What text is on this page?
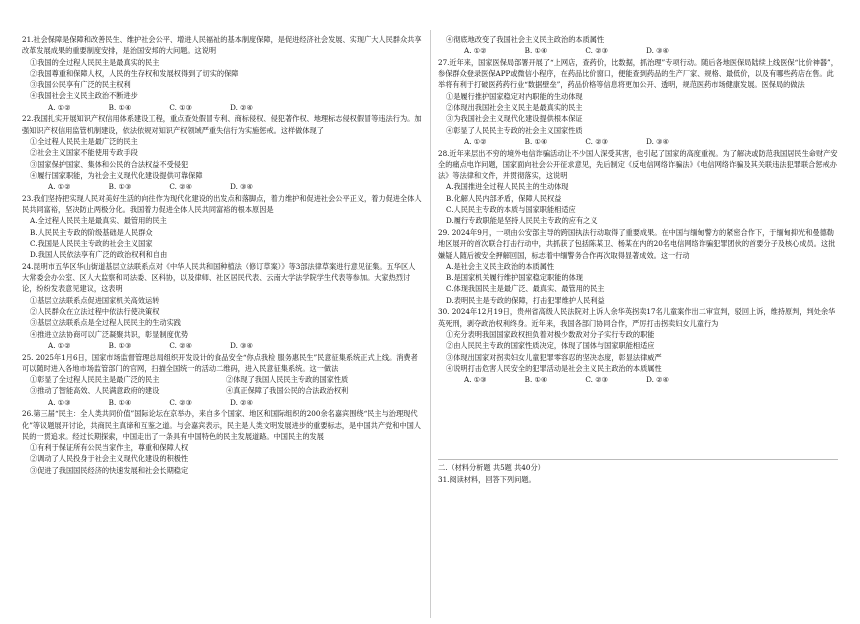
21.社会保障是保障和改善民生、维护社会公平、增进人民福祉的基本制度保障，是促进经济社会发展、实现广大人民群众共享改革发展成果的重要制度安排，是治国安邦的大问题。这说明

①我国的全过程人民民主是最真实的民主

②我国尊重和保障人权，人民的生存权和发展权得到了切实的保障

③我国公民享有广泛的民主权利

④我国社会主义民主政治不断进步

A. ①②	B. ①④	C. ①③	D. ②④

22.我国扎实开展知识产权信用体系建设工程，重点查处假冒专利、商标侵权、侵犯著作权、地理标志侵权假冒等违法行为。加强知识产权信用监管机制建设，依法依规对知识产权领域严重失信行为实施惩戒。这样做体现了

①全过程人民民主是最广泛的民主

②社会主义国家不能使用专政手段

③国家保护国家、集体和公民的合法权益不受侵犯

④履行国家职能，为社会主义现代化建设提供可靠保障

A. ①②	B. ①③	C. ②④	D. ③④

23.我们坚持把实现人民对美好生活的向往作为现代化建设的出发点和落脚点，着力维护和促进社会公平正义，着力促进全体人民共同富裕，坚决防止两极分化。我国着力促进全体人民共同富裕的根本原因是

A.全过程人民民主是最真实、最管用的民主

B.人民民主专政的阶级基础是人民群众

C.我国是人民民主专政的社会主义国家

D.我国人民依法享有广泛的政治权利和自由

24.昆明市五华区华山街道基层立法联系点对《中华人民共和国种植法（修订草案）》等3部法律草案进行意见征集。五华区人大常委会办公室、区人大监察和司法委、区科协，以及律师、社区居民代表、云南大学法学院学生代表等参加。大家热烈讨论，纷纷发表意见建议，这表明

①基层立法联系点促进国家机关高效运转

②人民群众在立法过程中依法行使决策权

③基层立法联系点是全过程人民民主的生动实践

④推进立法协商可以广泛凝聚共识，彰显制度优势

A. ①②	B. ①③	C. ②④	D. ③④

25. 2025年1月6日，国家市场监督管理总局组织开发设计的食品安全“你点我检 服务惠民生”民意征集系统正式上线。消费者可以随时进入各地市场监管部门的官网，扫描全国统一的活动二维码，进入民意征集系统。这一做法

①彰显了全过程人民民主是最广泛的民主	②体现了我国人民民主专政的国家性质

③推动了智能高效、人民满意政府的建设	④真正保障了我国公民的合法政治权利

A. ①③	B. ①④	C. ②③	D. ②④

26.第三届“民主：全人类共同价值”国际论坛在京举办，来自多个国家、地区和国际组织的200余名嘉宾围绕“民主与治理现代化”等议题展开讨论，共商民主真谛和互鉴之道。与会嘉宾表示，民主是人类文明发展进步的重要标志，是中国共产党和中国人民的一贯追求。经过长期探索，中国走出了一条具有中国特色的民主发展道路。中国民主的发展

①有利于保证所有公民当家作主，尊重和保障人权

②调动了人民投身于社会主义现代化建设的积极性

③促进了我国国民经济的快速发展和社会长期稳定

④彻底地改变了我国社会主义民主政治的本质属性

A. ①②	B. ①④	C. ②③	D. ③④

27.近年来，国家医保局部署开展了“上网店，查药价，比数据，抓治理”专项行动。随后各地医保局陆续上线医保“比价神器”，参保群众登录医保APP或微信小程序，在药品比价窗口，便能查到药品的生产厂家、规格、最低价，以及有哪些药店在售。此举将有利于打破医药药行业“数据壁垒”，药品价格等信息将更加公开、透明，规范医药市场健康发展。医保局的做法

①是履行推护国家稳定对内职能的生动体现

②体现出我国社会主义民主是最真实的民主

③为我国社会主义现代化建设提供根本保证

④彰显了人民民主专政的社会主义国家性质

A. ①②	B. ①④	C. ②③	D. ③④

28.近年来层出不穷的境外电信诈骗活动让不少国人深受其害，也引起了国家的高度重视。为了解决或防范我国居民生命财产安全的痛点电诈问题，国家面向社会公开征求意见，先后制定《反电信网络诈骗法》《电信网络诈骗及其关联违法犯罪联合惩戒办法》等法律和文件，并贯彻落实，这说明

A.我国推进全过程人民民主的生动体现

B.化解人民内部矛盾，保障人民权益

C.人民民主专政的本质与国家职能相适应

D.履行专政职能是坚持人民民主专政的应有之义

29. 2024年9月，一项由公安部主导的跨国执法行动取得了重要成果。在中国与缅甸警方的紧密合作下，于缅甸抑光和曼德勒地区展开的首次联合打击行动中，共抓获了包括陈某卫、杨某在内的20名电信网络诈骗犯罪团伙的首要分子及核心成员。这批嫌疑人随后被安全押解回国，标志着中缅警务合作再次取得显著成效。这一行动

A.是社会主义民主政治的本质属性

B.是国家机关履行维护国家稳定职能的体现

C.体现我国民主是最广泛、最真实、最管用的民主

D.表明民主是专政的保障，打击犯罪维护人民利益

30. 2024年12月19日，贵州省高级人民法院对上诉人余华英拐卖17名儿童案作出二审宣判，驳回上诉，维持原判，判处余华英死刑，剥夺政治权利终身。近年来，我国各部门协同合作，严厉打击拐卖妇女儿童行为

①充分表明我国国家政权担负着对极少数敌对分子实行专政的职能

②由人民民主专政的国家性质决定，体现了国体与国家职能相适应

③体现出国家对拐卖妇女儿童犯罪零容忍的坚决态度，彰显法律威严

④说明打击危害人民安全的犯罪活动是社会主义民主政治的本质属性

A. ①③	B. ①④	C. ②③	D. ②④

二.（材料分析题 共5题 共40分）

31.阅读材料，回答下列问题。
